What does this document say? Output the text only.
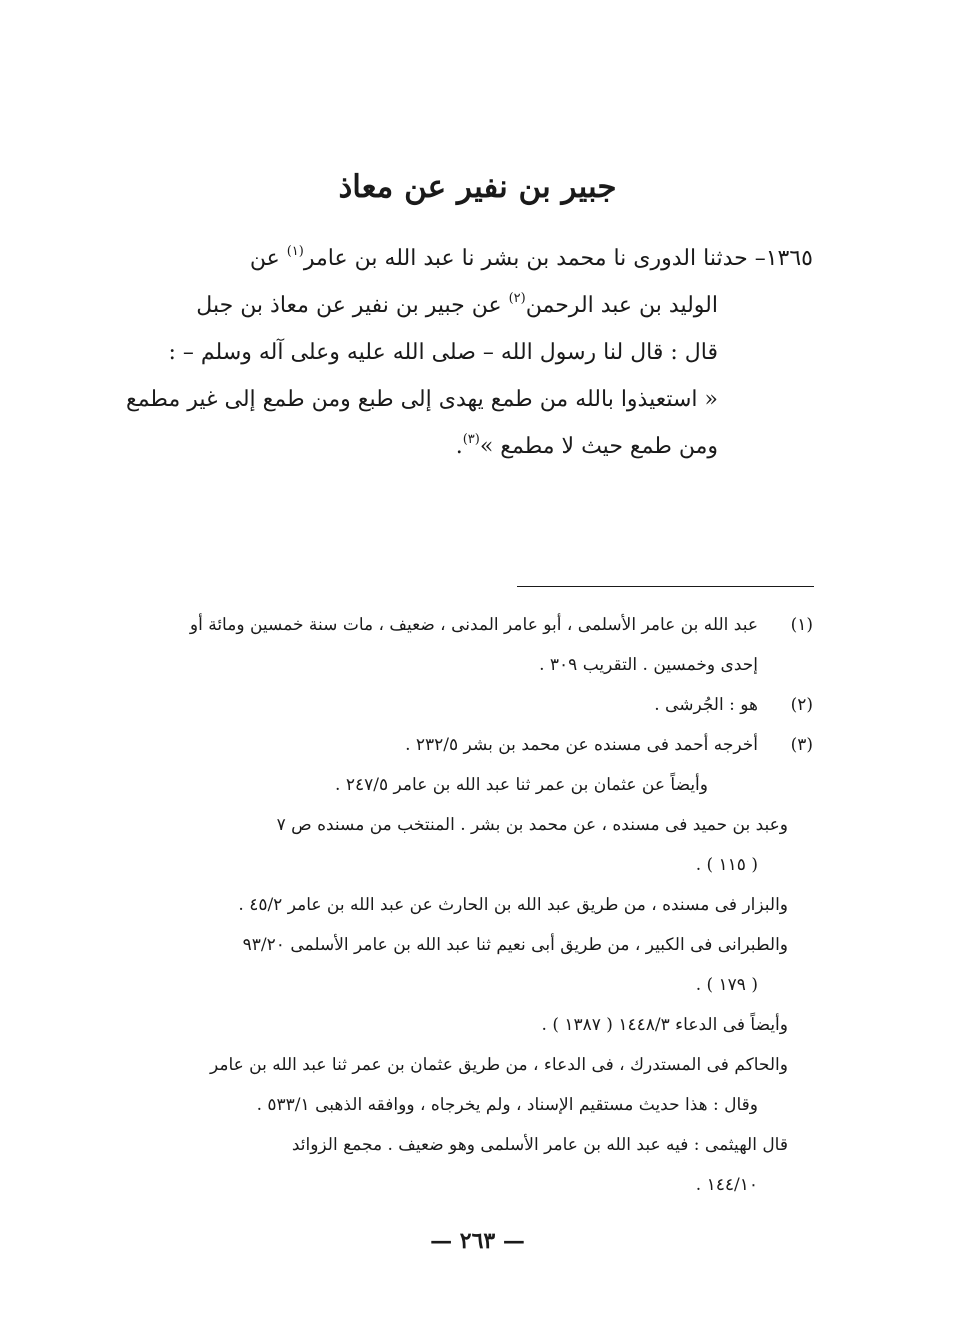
جبير بن نفير عن معاذ
١٣٦٥– حدثنا الدورى نا محمد بن بشر نا عبد الله بن عامر$^{(١)}$ عن
الوليد بن عبد الرحمن$^{(٢)}$ عن جبير بن نفير عن معاذ بن جبل
قال : قال لنا رسول الله – صلى الله عليه وعلى آله وسلم – :
« استعيذوا بالله من طمع يهدى إلى طبع ومن طمع إلى غير مطمع
ومن طمع حيث لا مطمع »$^{(٣)}$.
(١)
عبد الله بن عامر الأسلمى ، أبو عامر المدنى ، ضعيف ، مات سنة خمسين ومائة أو
إحدى وخمسين . التقريب ٣٠٩ .
(٢)
هو : الجُرشى .
(٣)
أخرجه أحمد فى مسنده عن محمد بن بشر ٢٣٢/٥ .
وأيضاً عن عثمان بن عمر ثنا عبد الله بن عامر ٢٤٧/٥ .
وعبد بن حميد فى مسنده ، عن محمد بن بشر . المنتخب من مسنده ص ٧
( ١١٥ ) .
والبزار فى مسنده ، من طريق عبد الله بن الحارث عن عبد الله بن عامر ٤٥/٢ .
والطبرانى فى الكبير ، من طريق أبى نعيم ثنا عبد الله بن عامر الأسلمى ٩٣/٢٠
( ١٧٩ ) .
وأيضاً فى الدعاء ١٤٤٨/٣ ( ١٣٨٧ ) .
والحاكم فى المستدرك ، فى الدعاء ، من طريق عثمان بن عمر ثنا عبد الله بن عامر
وقال : هذا حديث مستقيم الإسناد ، ولم يخرجاه ، ووافقه الذهبى ٥٣٣/١ .
قال الهيثمى : فيه عبد الله بن عامر الأسلمى وهو ضعيف . مجمع الزوائد
١٤٤/١٠ .
— ٢٦٣ —
